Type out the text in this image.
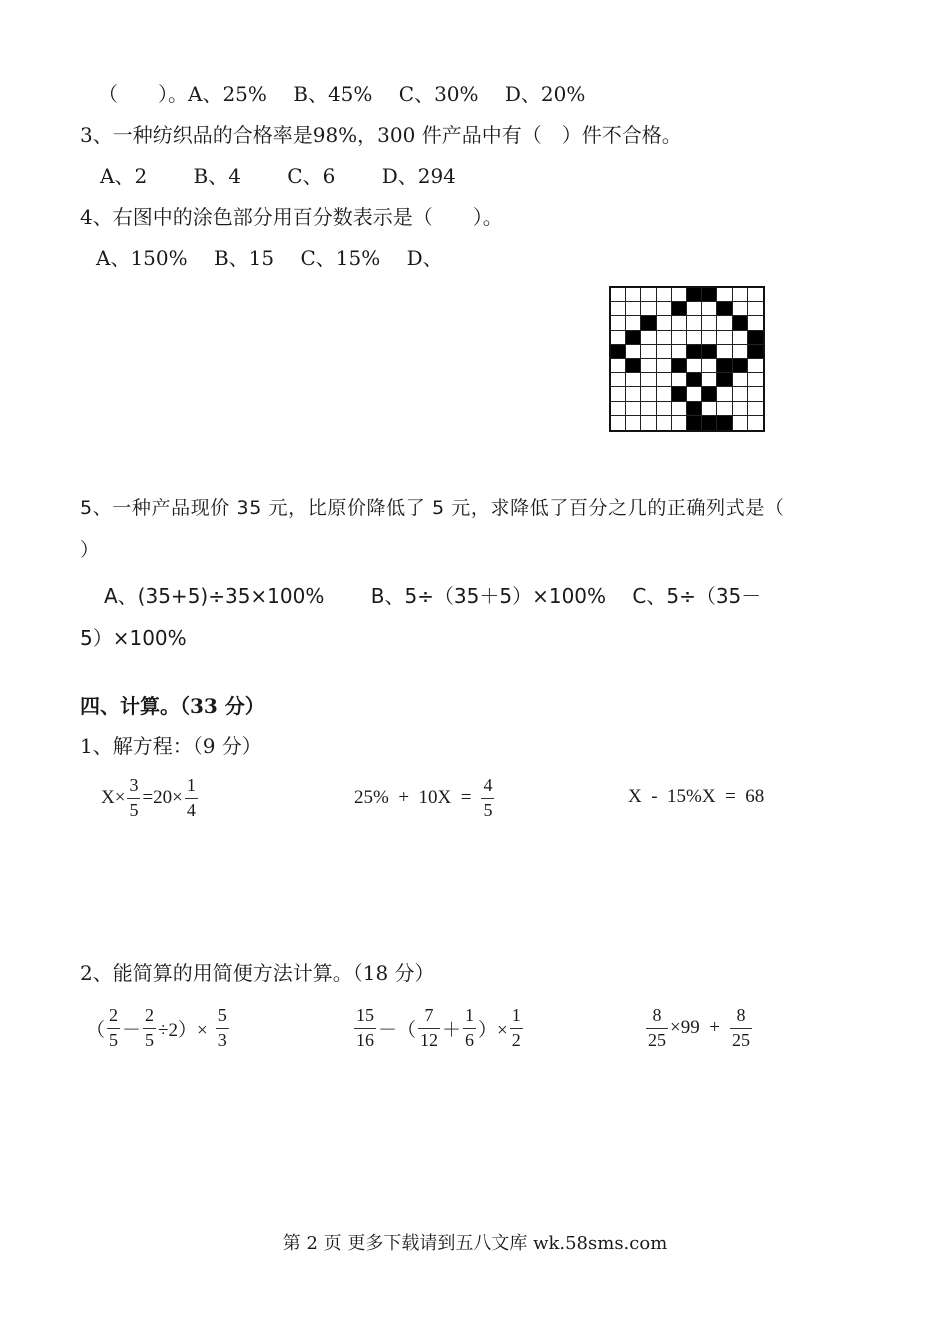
（　　）。A、25%　 B、45%　 C、30%　 D、20%
3、一种纺织品的合格率是98%，300 件产品中有（　）件不合格。
A、2　　 B、4　　 C、6　　 D、294
4、右图中的涂色部分用百分数表示是（　　）。
A、150%　 B、15　 C、15%　 D、
5、一种产品现价 35 元，比原价降低了 5 元，求降低了百分之几的正确列式是（
）
A、(35+5)÷35×100%　　 B、5÷（35＋5）×100%　 C、5÷（35－
5）×100%
四、计算。（33 分）
1、解方程：（9 分）
$X\times \frac{3}{5} =20\times \frac{1}{4}$	$25\% + 10X = \frac{4}{5}$	X  -  15%X  =  68
2、能简算的用简便方法计算。（18 分）
（ $\frac{2}{5} - \frac{2}{5} \div 2)\times \frac{5}{3}$	$\frac{15}{16}$ －（ $\frac{7}{12} + \frac{1}{6}$ ）× $\frac{1}{2}$	$\frac{8}{25} \times 99 + \frac{8}{25}$
第 2 页 更多下载请到五八文库 wk.58sms.com
